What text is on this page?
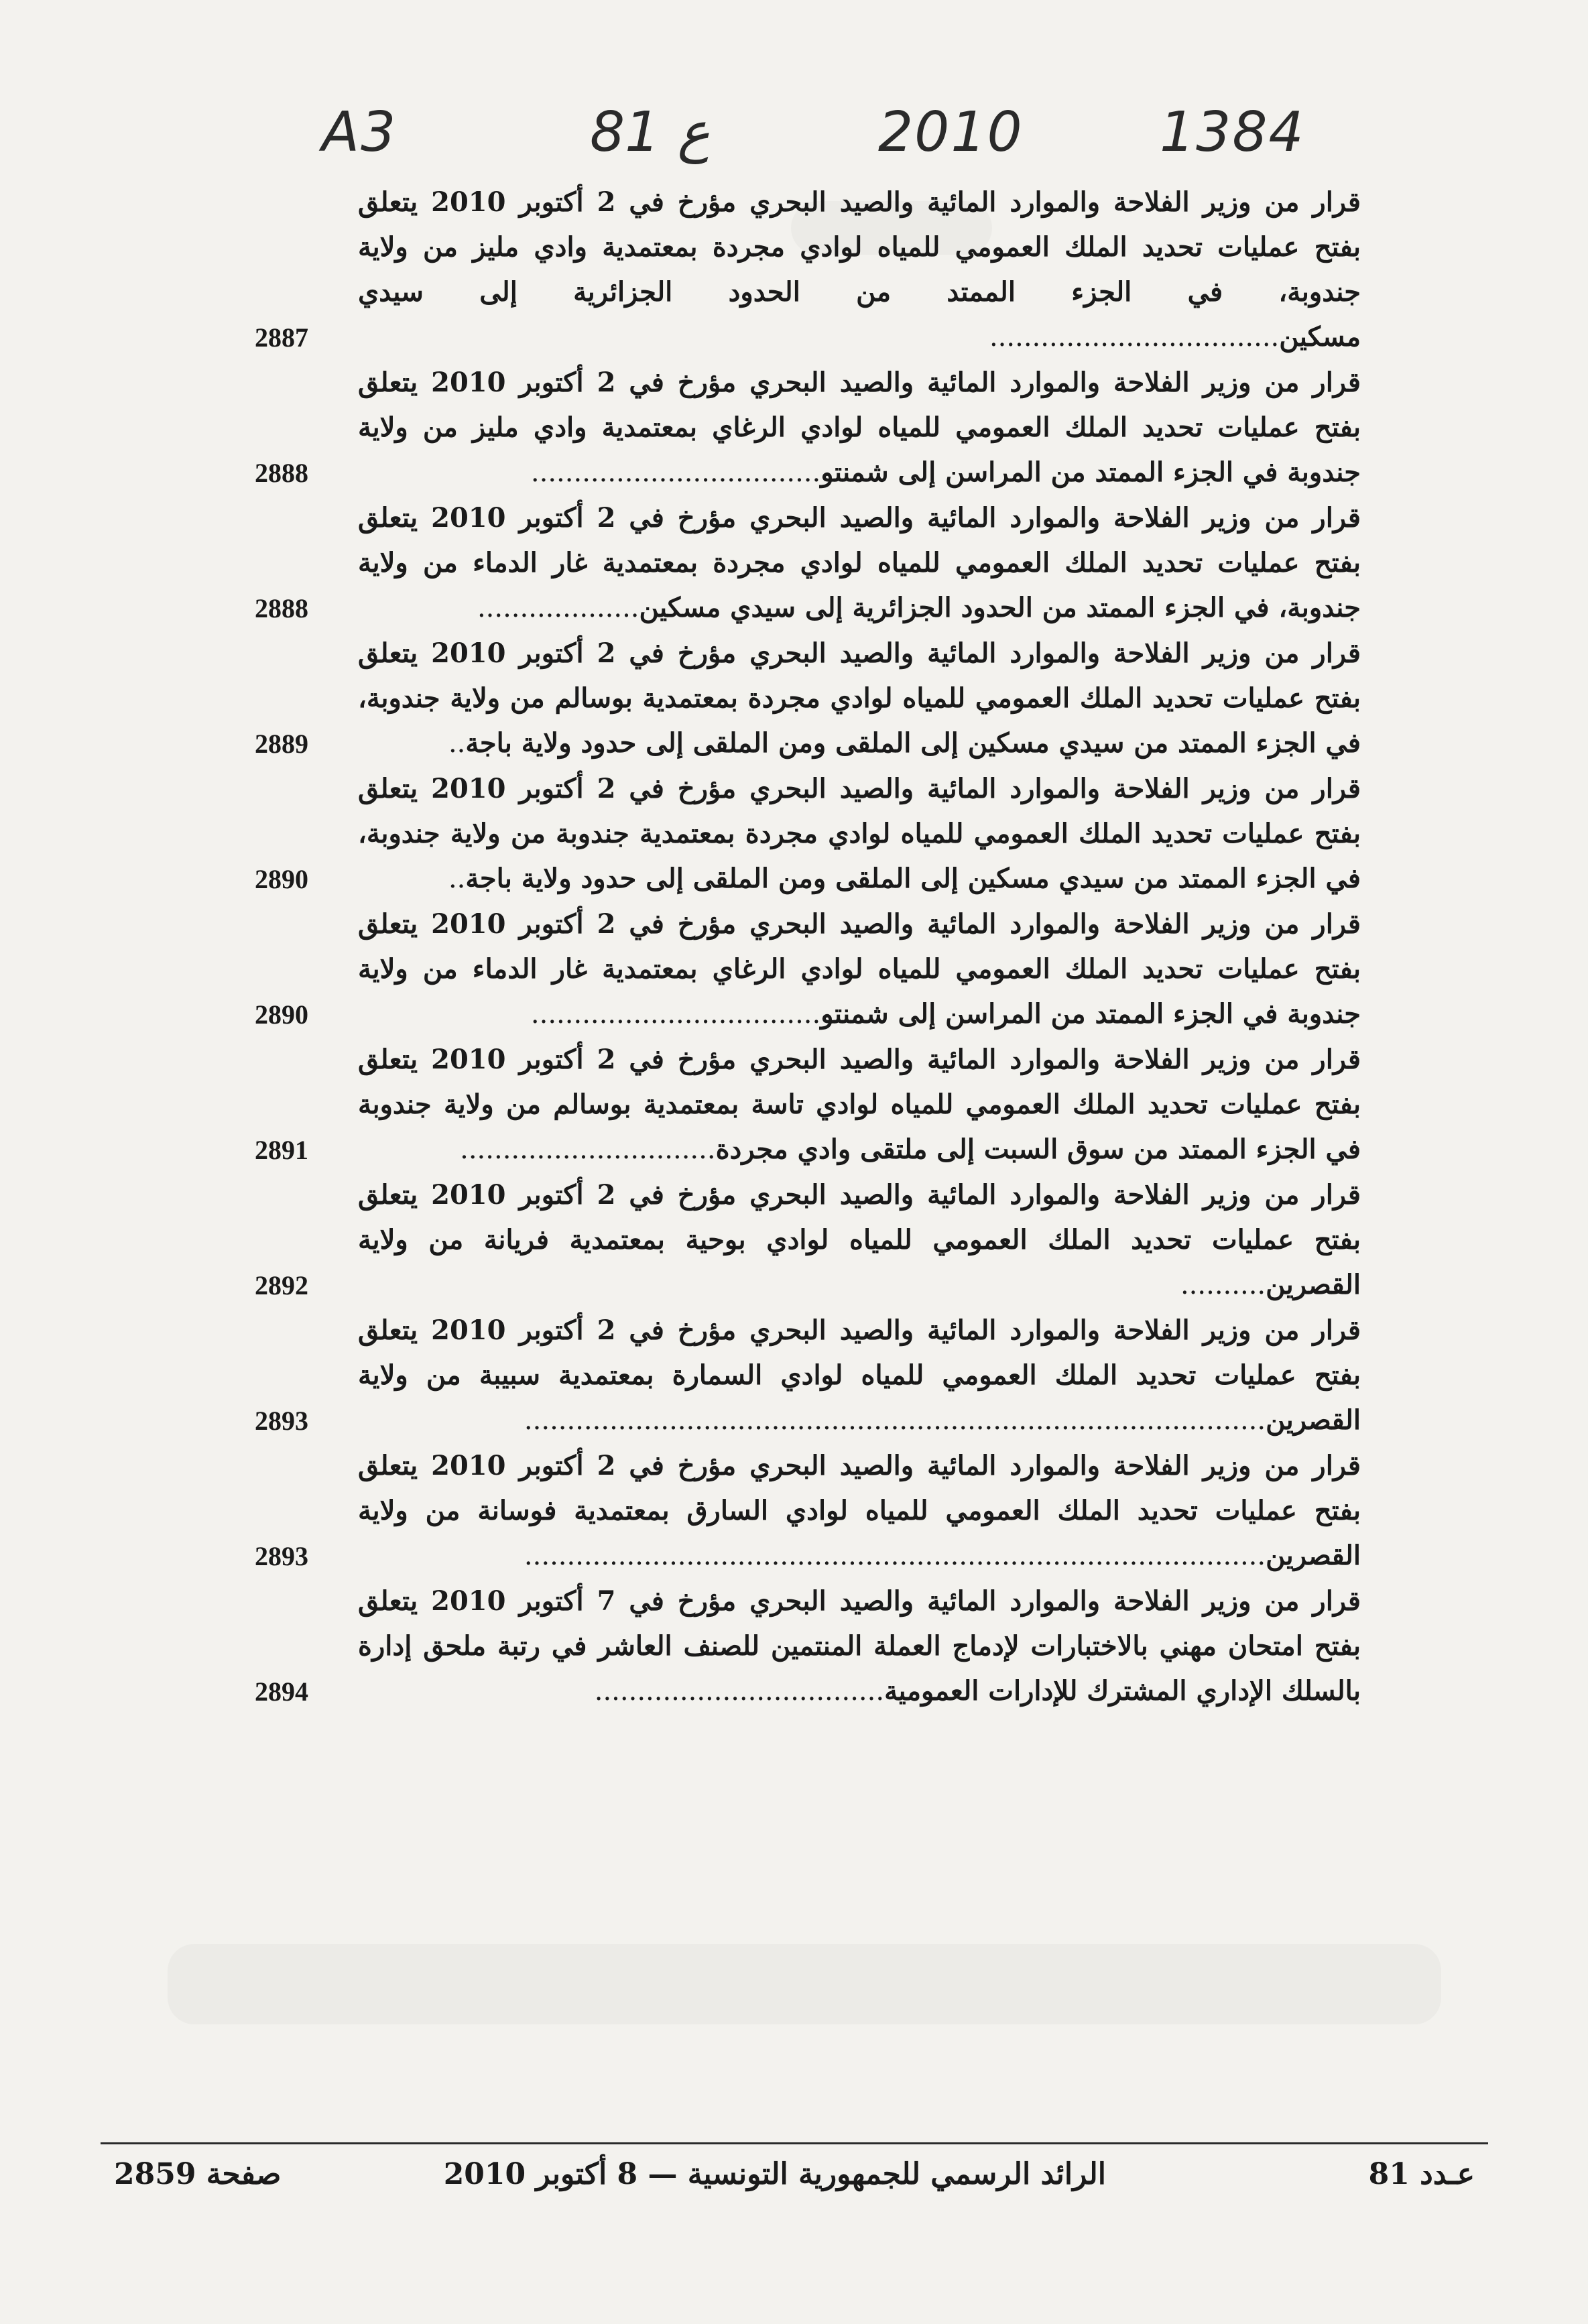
A3	81 ع	2010 1384
قرار من وزير الفلاحة والموارد المائية والصيد البحري مؤرخ في 2 أكتوبر 2010 يتعلق بفتح عمليات تحديد الملك العمومي للمياه لوادي مجردة بمعتمدية وادي مليز من ولاية جندوبة، في الجزء الممتد من الحدود الجزائرية إلى سيدي مسكين..................................
2887
قرار من وزير الفلاحة والموارد المائية والصيد البحري مؤرخ في 2 أكتوبر 2010 يتعلق بفتح عمليات تحديد الملك العمومي للمياه لوادي الرغاي بمعتمدية وادي مليز من ولاية جندوبة في الجزء الممتد من المراسن إلى شمنتو..................................
2888
قرار من وزير الفلاحة والموارد المائية والصيد البحري مؤرخ في 2 أكتوبر 2010 يتعلق بفتح عمليات تحديد الملك العمومي للمياه لوادي مجردة بمعتمدية غار الدماء من ولاية جندوبة، في الجزء الممتد من الحدود الجزائرية إلى سيدي مسكين...................
2888
قرار من وزير الفلاحة والموارد المائية والصيد البحري مؤرخ في 2 أكتوبر 2010 يتعلق بفتح عمليات تحديد الملك العمومي للمياه لوادي مجردة بمعتمدية بوسالم من ولاية جندوبة، في الجزء الممتد من سيدي مسكين إلى الملقى ومن الملقى إلى حدود ولاية باجة..
2889
قرار من وزير الفلاحة والموارد المائية والصيد البحري مؤرخ في 2 أكتوبر 2010 يتعلق بفتح عمليات تحديد الملك العمومي للمياه لوادي مجردة بمعتمدية جندوبة من ولاية جندوبة، في الجزء الممتد من سيدي مسكين إلى الملقى ومن الملقى إلى حدود ولاية باجة..
2890
قرار من وزير الفلاحة والموارد المائية والصيد البحري مؤرخ في 2 أكتوبر 2010 يتعلق بفتح عمليات تحديد الملك العمومي للمياه لوادي الرغاي بمعتمدية غار الدماء من ولاية جندوبة في الجزء الممتد من المراسن إلى شمنتو..................................
2890
قرار من وزير الفلاحة والموارد المائية والصيد البحري مؤرخ في 2 أكتوبر 2010 يتعلق بفتح عمليات تحديد الملك العمومي للمياه لوادي تاسة بمعتمدية بوسالم من ولاية جندوبة في الجزء الممتد من سوق السبت إلى ملتقى وادي مجردة..............................
2891
قرار من وزير الفلاحة والموارد المائية والصيد البحري مؤرخ في 2 أكتوبر 2010 يتعلق بفتح عمليات تحديد الملك العمومي للمياه لوادي بوحية بمعتمدية فريانة من ولاية القصرين..........
2892
قرار من وزير الفلاحة والموارد المائية والصيد البحري مؤرخ في 2 أكتوبر 2010 يتعلق بفتح عمليات تحديد الملك العمومي للمياه لوادي السمارة بمعتمدية سبيبة من ولاية القصرين.......................................................................................
2893
قرار من وزير الفلاحة والموارد المائية والصيد البحري مؤرخ في 2 أكتوبر 2010 يتعلق بفتح عمليات تحديد الملك العمومي للمياه لوادي السارق بمعتمدية فوسانة من ولاية القصرين.......................................................................................
2893
قرار من وزير الفلاحة والموارد المائية والصيد البحري مؤرخ في 7 أكتوبر 2010 يتعلق بفتح امتحان مهني بالاختبارات لإدماج العملة المنتمين للصنف العاشر في رتبة ملحق إدارة بالسلك الإداري المشترك للإدارات العمومية..................................
2894
عـدد 81
الرائد الرسمي للجمهورية التونسية — 8 أكتوبر 2010
صفحة 2859
